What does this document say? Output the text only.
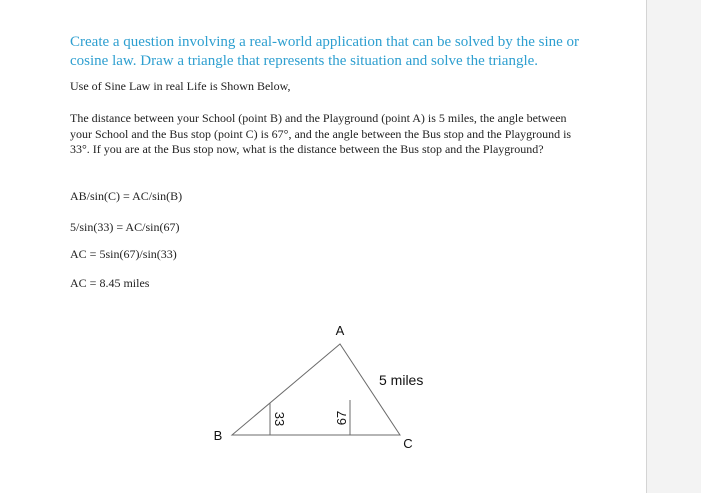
Create a question involving a real-world application that can be solved by the sine or cosine law. Draw a triangle that represents the situation and solve the triangle.
Use of Sine Law in real Life is Shown Below,
The distance between your School (point B) and the Playground (point A) is 5 miles, the angle between your School and the Bus stop (point C) is 67°, and the angle between the Bus stop and the Playground is 33°. If you are at the Bus stop now, what is the distance between the Bus stop and the Playground?
AB/sin(C) = AC/sin(B)
5/sin(33) = AC/sin(67)
AC = 5sin(67)/sin(33)
AC = 8.45 miles
A
B
C
5 miles
33	67
